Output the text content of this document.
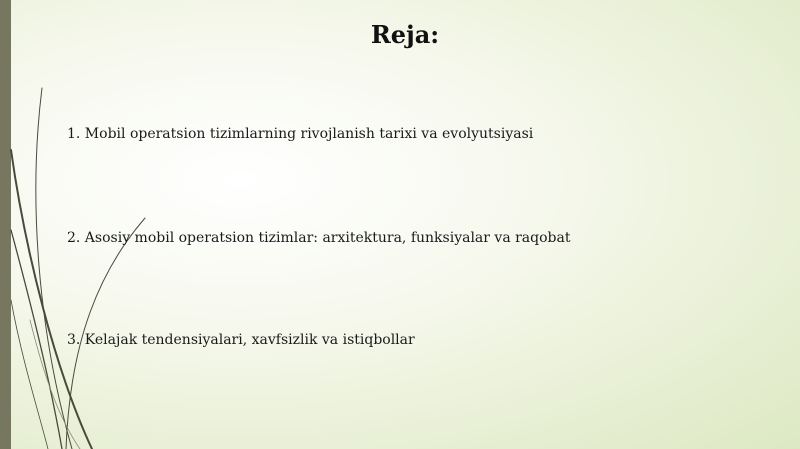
Reja:
1. Mobil operatsion tizimlarning rivojlanish tarixi va evolyutsiyasi
2. Asosiy mobil operatsion tizimlar: arxitektura, funksiyalar va raqobat
3. Kelajak tendensiyalari, xavfsizlik va istiqbollar
